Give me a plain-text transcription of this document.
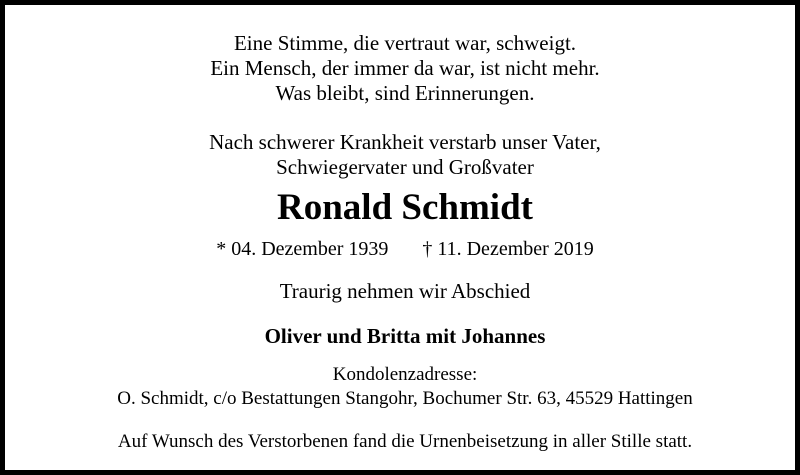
Eine Stimme, die vertraut war, schweigt.
Ein Mensch, der immer da war, ist nicht mehr.
Was bleibt, sind Erinnerungen.
Nach schwerer Krankheit verstarb unser Vater,
Schwiegervater und Großvater
Ronald Schmidt
* 04. Dezember 1939 † 11. Dezember 2019
Traurig nehmen wir Abschied
Oliver und Britta mit Johannes
Kondolenzadresse:
O. Schmidt, c/o Bestattungen Stangohr, Bochumer Str. 63, 45529 Hattingen
Auf Wunsch des Verstorbenen fand die Urnenbeisetzung in aller Stille statt.
